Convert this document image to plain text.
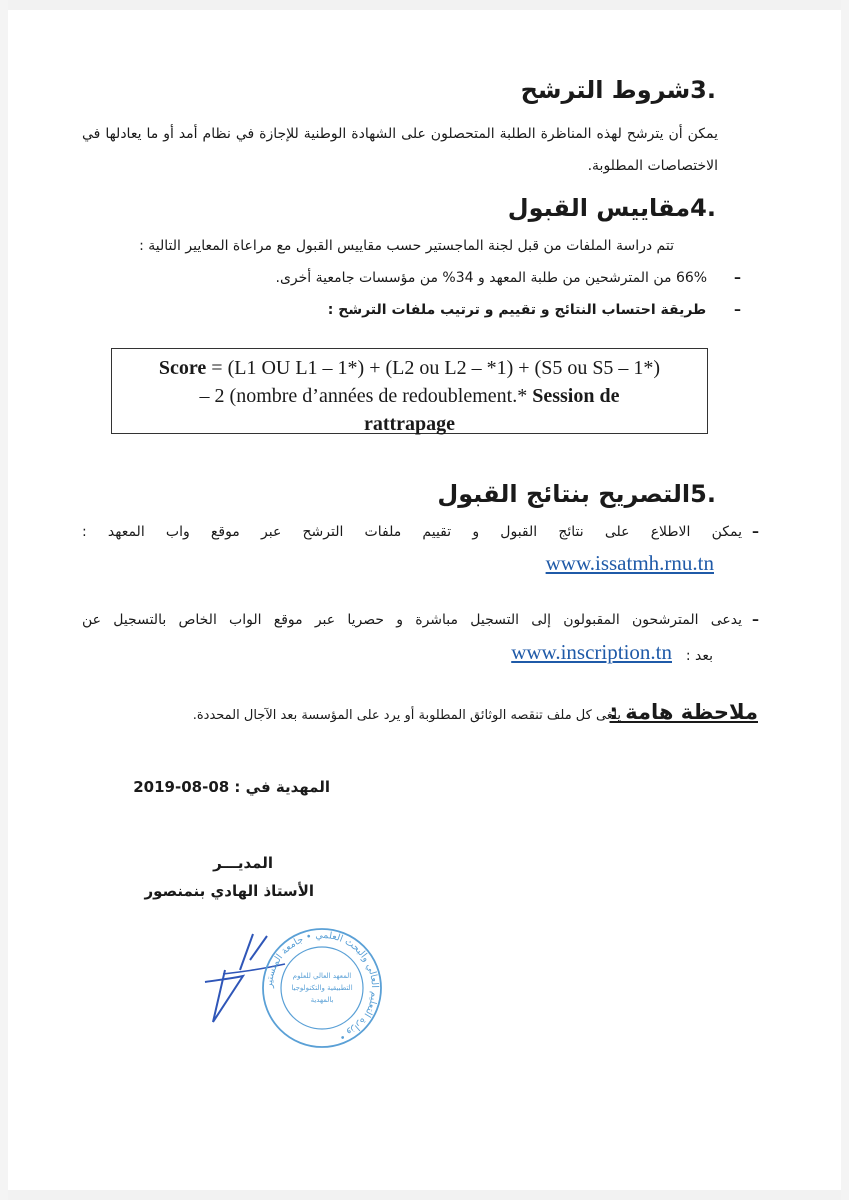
.3شروط الترشح
يمكن أن يترشح لهذه المناظرة الطلبة المتحصلون على الشهادة الوطنية للإجازة في نظام أمد أو ما يعادلها في الاختصاصات المطلوبة.
.4مقاييس القبول
تتم دراسة الملفات من قبل لجنة الماجستير حسب مقاييس القبول مع مراعاة المعايير التالية :
–  66% من المترشحين من طلبة المعهد و 34% من مؤسسات جامعية أخرى.
–  طريقة احتساب النتائج و تقييم و ترتيب ملفات الترشح :
Score = (L1 OU L1 – 1*) + (L2 ou L2 – *1) + (S5 ou S5 – 1*)
– 2 (nombre d’années de redoublement.* Session de
rattrapage
.5التصريح بنتائج القبول
–
يمكن الاطلاع على نتائج القبول و تقييم ملفات الترشح عبر موقع واب المعهد :
www.issatmh.rnu.tn
–
يدعى المترشحون المقبولون إلى التسجيل مباشرة و حصريا عبر موقع الواب الخاص بالتسجيل عن
بعد :
www.inscription.tn
ملاحظة هامة :
يلغى كل ملف تنقصه الوثائق المطلوبة أو يرد على المؤسسة بعد الآجال المحددة.
المهدية في : 08-08-2019
المديـــر
الأستاذ الهادي بنمنصور
وزارة التعليم العالي والبحث العلمي • جامعة المنستير •
المعهد العالي للعلوم
التطبيقية والتكنولوجيا
بالمهدية
